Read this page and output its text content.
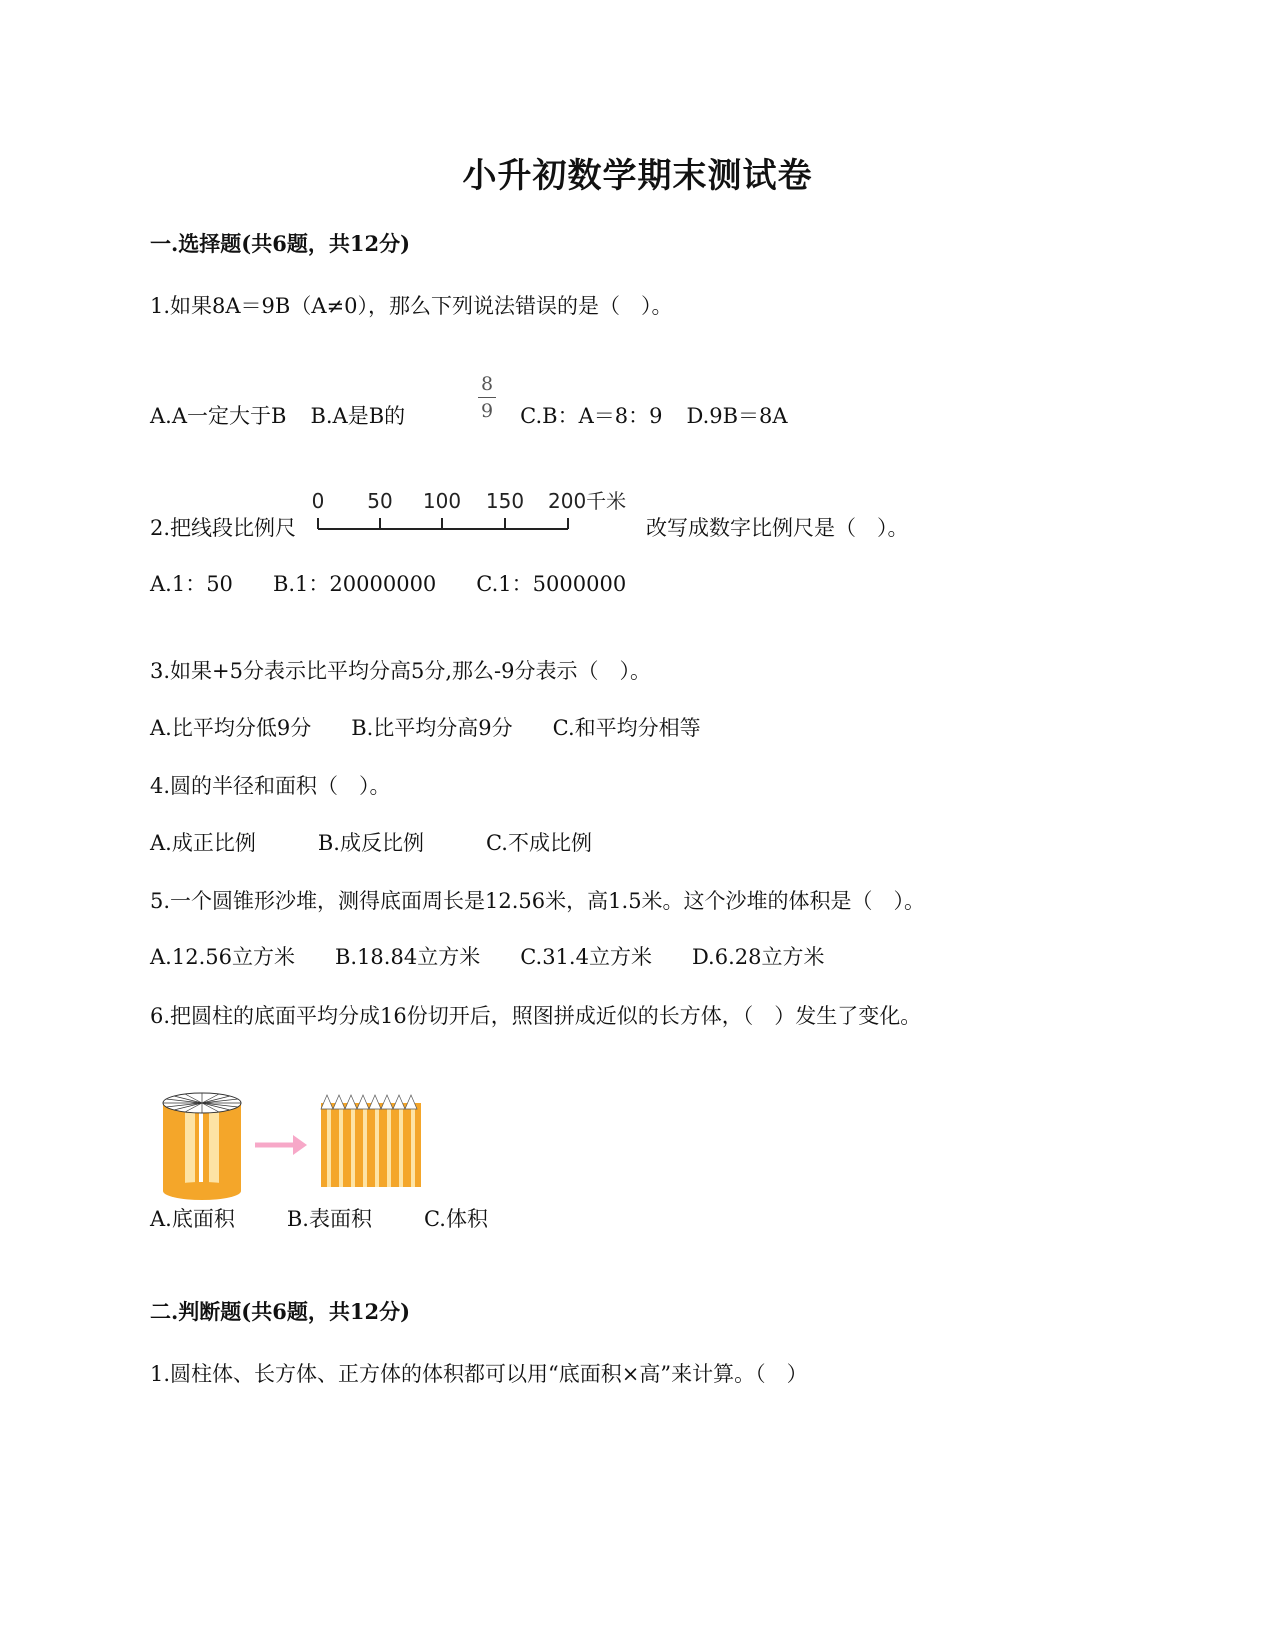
小升初数学期末测试卷
一.选择题(共6题，共12分)
1.如果8A＝9B（A≠0），那么下列说法错误的是（　）。
A.A一定大于B B.A是B的	C.B：A＝8：9 D.9B＝8A
8
9
2.把线段比例尺
0 50 100 150 200千米
改写成数字比例尺是（　）。
A.1：50 B.1：20000000 C.1：5000000
3.如果+5分表示比平均分高5分,那么-9分表示（　）。
A.比平均分低9分 B.比平均分高9分 C.和平均分相等
4.圆的半径和面积（　）。
A.成正比例	B.成反比例	C.不成比例
5.一个圆锥形沙堆，测得底面周长是12.56米，高1.5米。这个沙堆的体积是（　）。
A.12.56立方米 B.18.84立方米 C.31.4立方米 D.6.28立方米
6.把圆柱的底面平均分成16份切开后，照图拼成近似的长方体，（　）发生了变化。
A.底面积 B.表面积 C.体积
二.判断题(共6题，共12分)
1.圆柱体、长方体、正方体的体积都可以用“底面积×高”来计算。（　）
